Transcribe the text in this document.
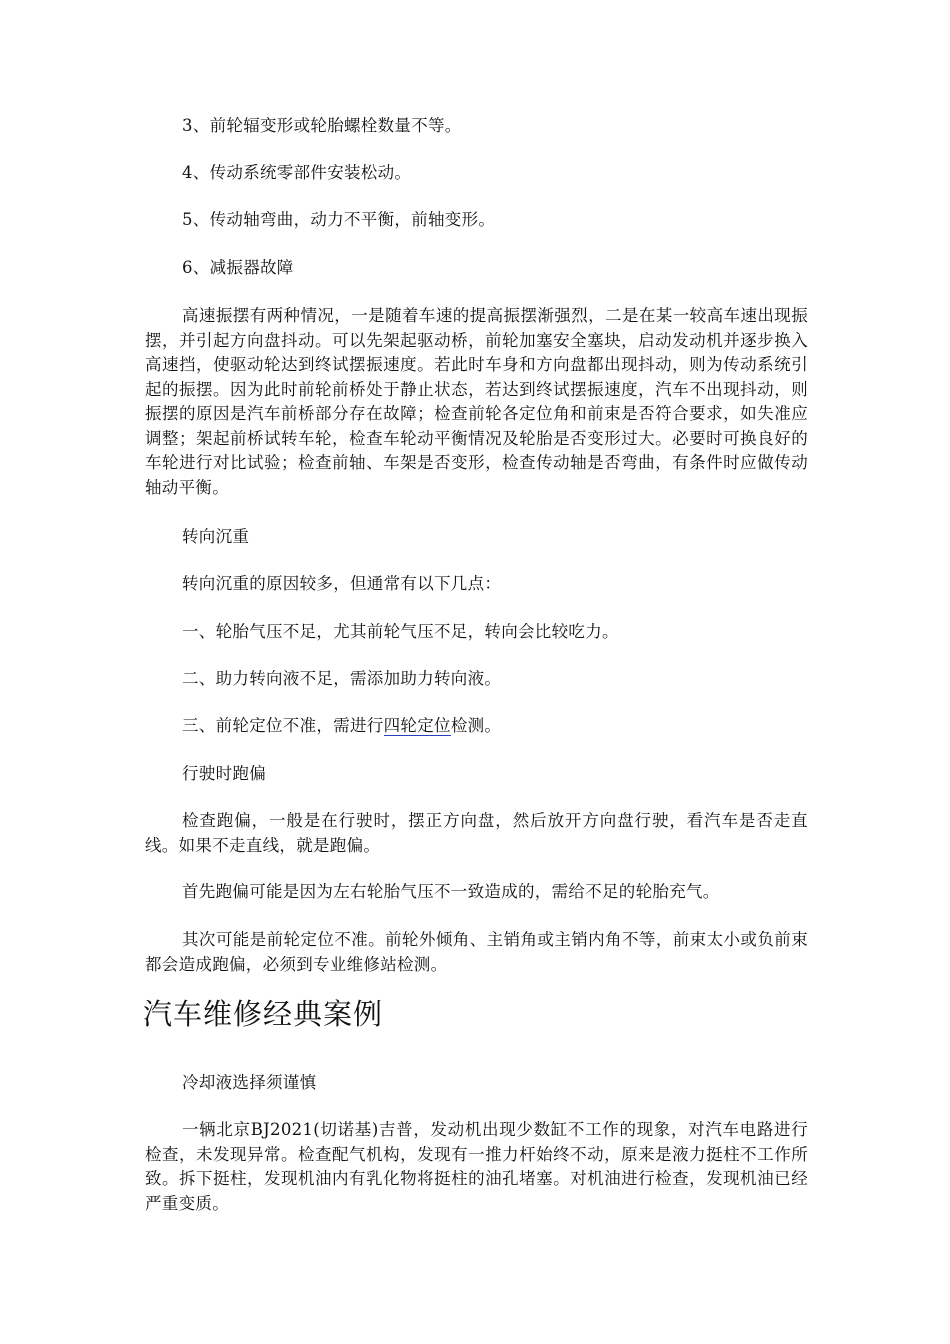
3、前轮辐变形或轮胎螺栓数量不等。

4、传动系统零部件安装松动。

5、传动轴弯曲，动力不平衡，前轴变形。

6、减振器故障

高速振摆有两种情况，一是随着车速的提高振摆渐强烈，二是在某一较高车速出现振摆，并引起方向盘抖动。可以先架起驱动桥，前轮加塞安全塞块，启动发动机并逐步换入高速挡，使驱动轮达到终试摆振速度。若此时车身和方向盘都出现抖动，则为传动系统引起的振摆。因为此时前轮前桥处于静止状态，若达到终试摆振速度，汽车不出现抖动，则振摆的原因是汽车前桥部分存在故障；检查前轮各定位角和前束是否符合要求，如失准应调整；架起前桥试转车轮，检查车轮动平衡情况及轮胎是否变形过大。必要时可换良好的车轮进行对比试验；检查前轴、车架是否变形，检查传动轴是否弯曲，有条件时应做传动轴动平衡。

转向沉重

转向沉重的原因较多，但通常有以下几点：

一、轮胎气压不足，尤其前轮气压不足，转向会比较吃力。

二、助力转向液不足，需添加助力转向液。

三、前轮定位不准，需进行四轮定位检测。

行驶时跑偏

检查跑偏，一般是在行驶时，摆正方向盘，然后放开方向盘行驶，看汽车是否走直线。如果不走直线，就是跑偏。

首先跑偏可能是因为左右轮胎气压不一致造成的，需给不足的轮胎充气。

其次可能是前轮定位不准。前轮外倾角、主销角或主销内角不等，前束太小或负前束都会造成跑偏，必须到专业维修站检测。

汽车维修经典案例

冷却液选择须谨慎

一辆北京BJ2021(切诺基)吉普，发动机出现少数缸不工作的现象，对汽车电路进行检查，未发现异常。检查配气机构，发现有一推力杆始终不动，原来是液力挺柱不工作所致。拆下挺柱，发现机油内有乳化物将挺柱的油孔堵塞。对机油进行检查，发现机油已经严重变质。
